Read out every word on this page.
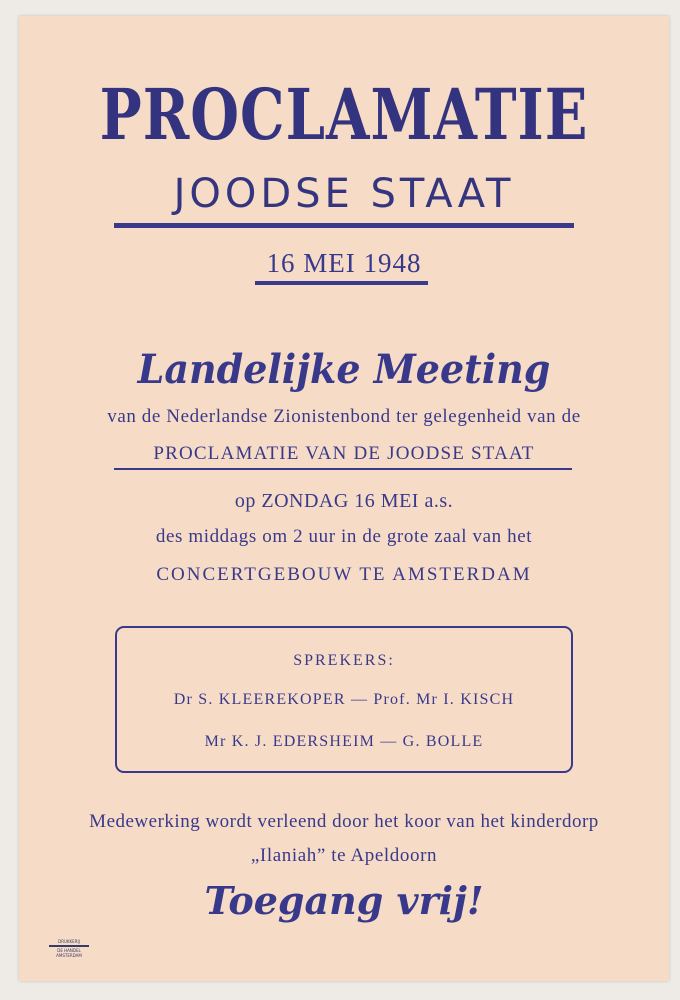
PROCLAMATIE
JOODSE STAAT
16 MEI 1948
Landelijke Meeting
van de Nederlandse Zionistenbond ter gelegenheid van de
PROCLAMATIE VAN DE JOODSE STAAT
op ZONDAG 16 MEI a.s.
des middags om 2 uur in de grote zaal van het
CONCERTGEBOUW TE AMSTERDAM
SPREKERS:
Dr S. KLEEREKOPER — Prof. Mr I. KISCH
Mr K. J. EDERSHEIM — G. BOLLE
Medewerking wordt verleend door het koor van het kinderdorp
„Ilaniah” te Apeldoorn
Toegang vrij!
DRUKKERIJ
DE HANDEL
AMSTERDAM
